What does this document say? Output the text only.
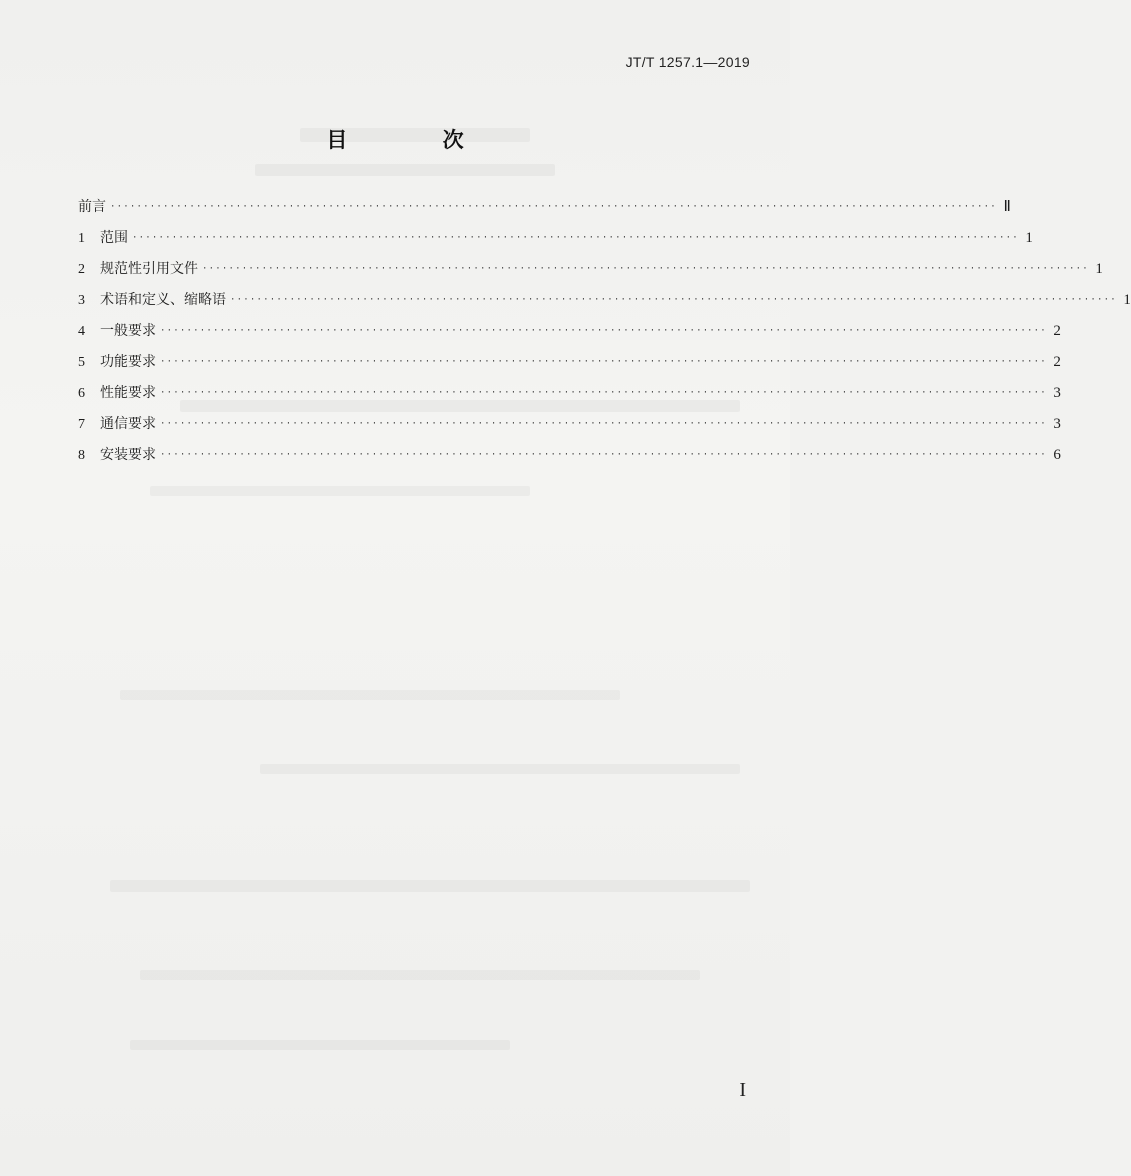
JT/T 1257.1—2019
目 次
前言 ······································································································································ Ⅱ
1	范围 ······································································································································ 1
2	规范性引用文件 ······································································································································ 1
3	术语和定义、缩略语 ······································································································································ 1
4	一般要求 ······································································································································ 2
5	功能要求 ······································································································································ 2
6	性能要求 ······································································································································ 3
7	通信要求 ······································································································································ 3
8	安装要求 ······································································································································ 6
I
